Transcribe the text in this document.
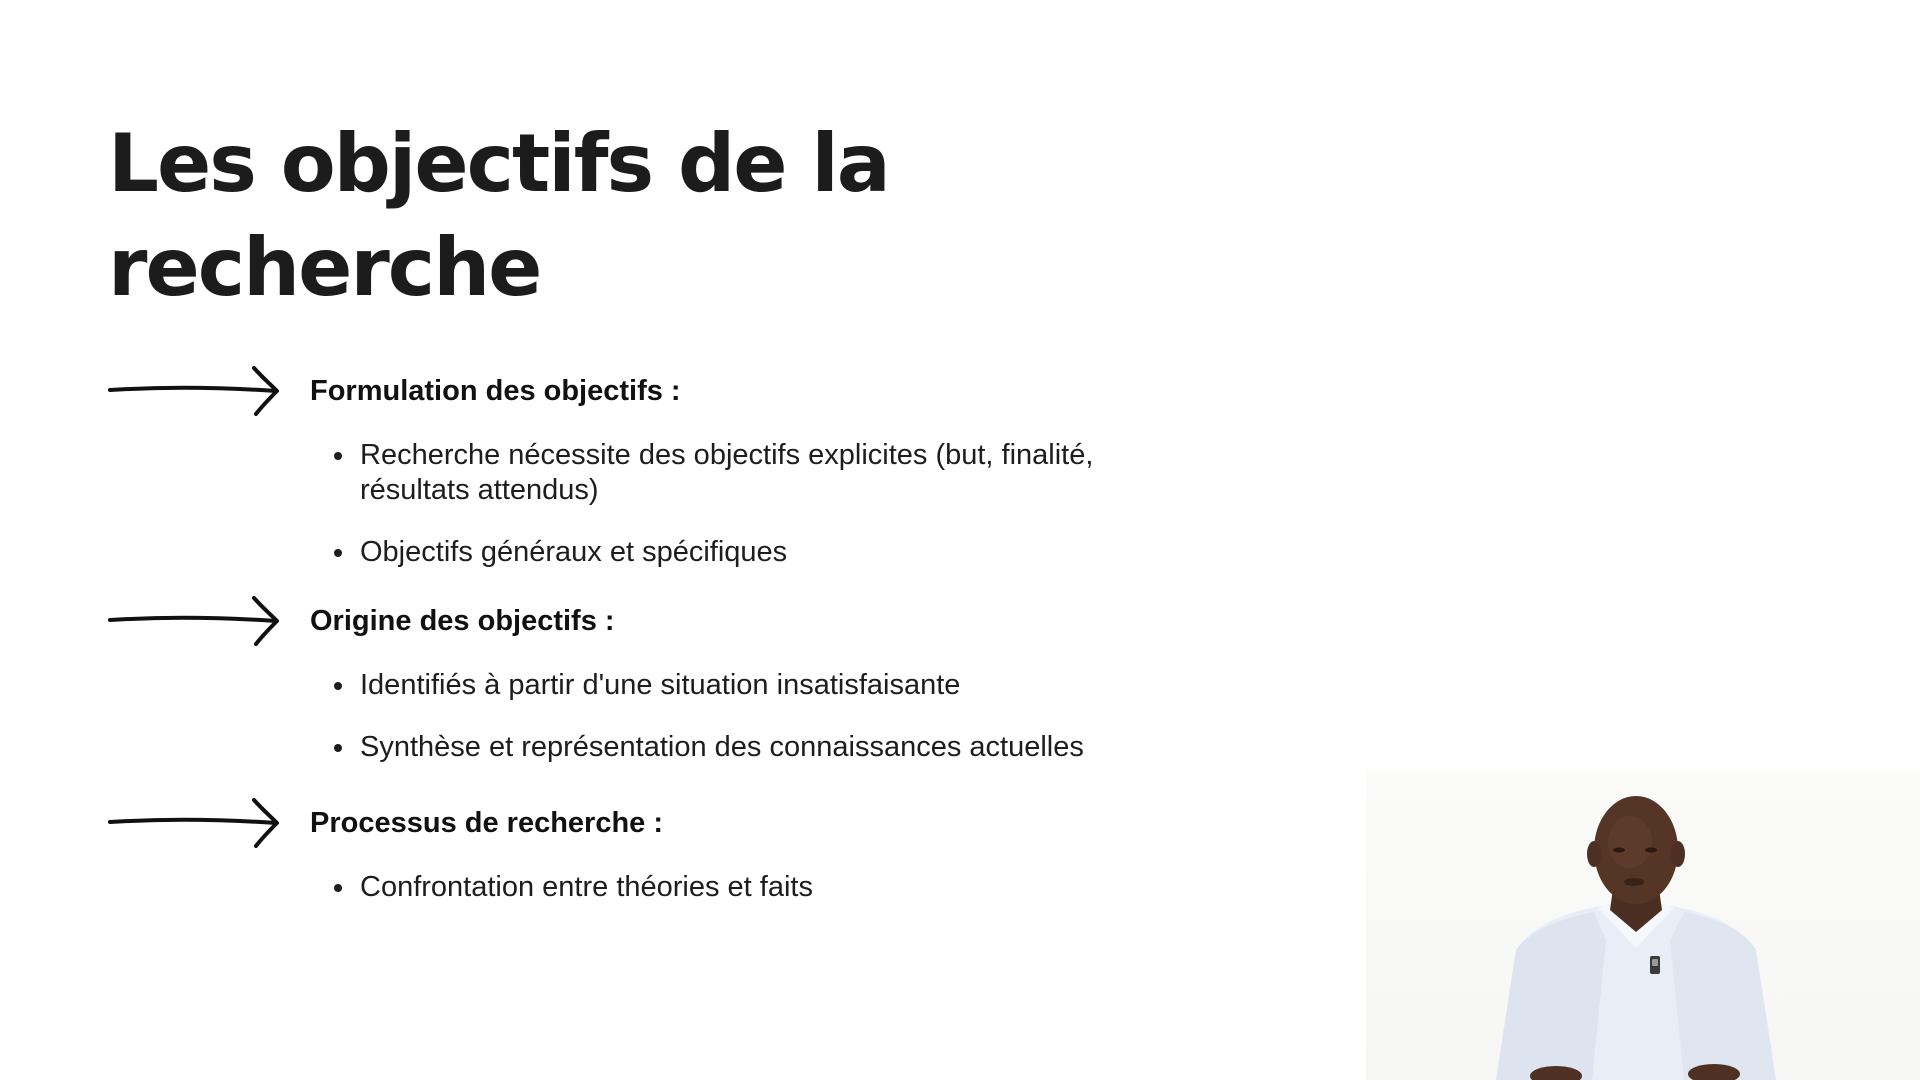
Les objectifs de la recherche
Formulation des objectifs :
Recherche nécessite des objectifs explicites (but, finalité, résultats attendus)
Objectifs généraux et spécifiques
Origine des objectifs :
Identifiés à partir d'une situation insatisfaisante
Synthèse et représentation des connaissances actuelles
Processus de recherche :
Confrontation entre théories et faits
